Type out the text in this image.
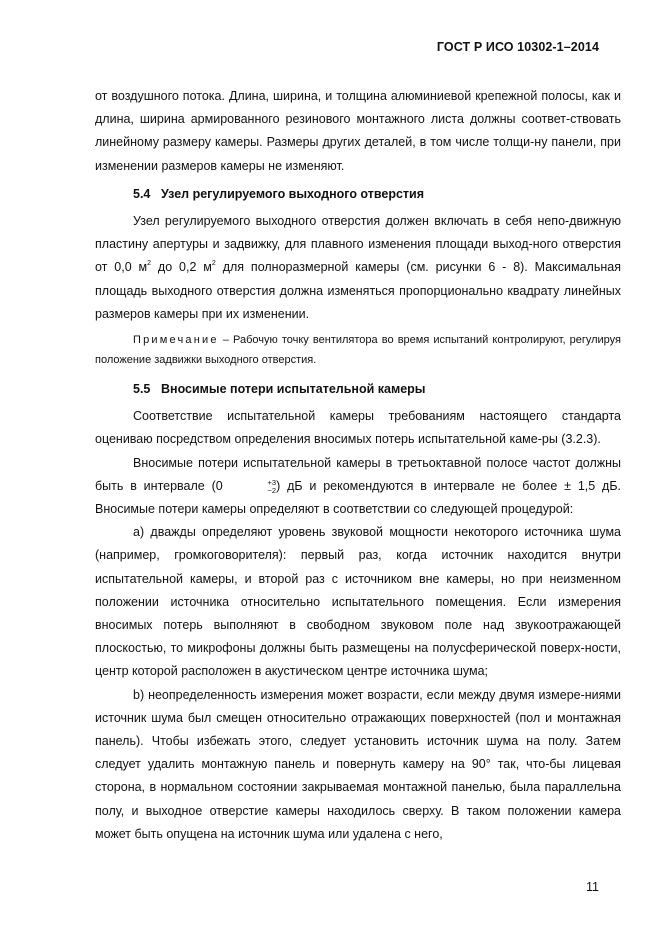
ГОСТ Р ИСО 10302-1–2014

от воздушного потока. Длина, ширина, и толщина алюминиевой крепежной полосы, как и длина, ширина армированного резинового монтажного листа должны соответ-ствовать линейному размеру камеры. Размеры других деталей, в том числе толщи-ну панели, при изменении размеров камеры не изменяют.

5.4 Узел регулируемого выходного отверстия

Узел регулируемого выходного отверстия должен включать в себя непо-движную пластину апертуры и задвижку, для плавного изменения площади выход-ного отверстия от 0,0 $м^2$ до 0,2 $м^2$ для полноразмерной камеры (см. рисунки 6 - 8). Максимальная площадь выходного отверстия должна изменяться пропорционально квадрату линейных размеров камеры при их изменении.

Примечание – Рабочую точку вентилятора во время испытаний контролируют, регулируя положение задвижки выходного отверстия.

5.5 Вносимые потери испытательной камеры

Соответствие испытательной камеры требованиям настоящего стандарта оцениваю посредством определения вносимых потерь испытательной каме-ры (3.2.3).

Вносимые потери испытательной камеры в третьоктавной полосе частот должны быть в интервале (0	+3
−2 ) дБ и рекомендуются в интервале не более ± 1,5 дБ. Вносимые потери камеры определяют в соответствии со следующей процедурой:

а) дважды определяют уровень звуковой мощности некоторого источника шума (например, громкоговорителя): первый раз, когда источник находится внутри испытательной камеры, и второй раз с источником вне камеры, но при неизменном положении источника относительно испытательного помещения. Если измерения вносимых потерь выполняют в свободном звуковом поле над звукоотражающей плоскостью, то микрофоны должны быть размещены на полусферической поверх-ности, центр которой расположен в акустическом центре источника шума;

b) неопределенность измерения может возрасти, если между двумя измере-ниями источник шума был смещен относительно отражающих поверхностей (пол и монтажная панель). Чтобы избежать этого, следует установить источник шума на полу. Затем следует удалить монтажную панель и повернуть камеру на 90° так, что-бы лицевая сторона, в нормальном состоянии закрываемая монтажной панелью, была параллельна полу, и выходное отверстие камеры находилось сверху. В таком положении камера может быть опущена на источник шума или удалена с него,

11
